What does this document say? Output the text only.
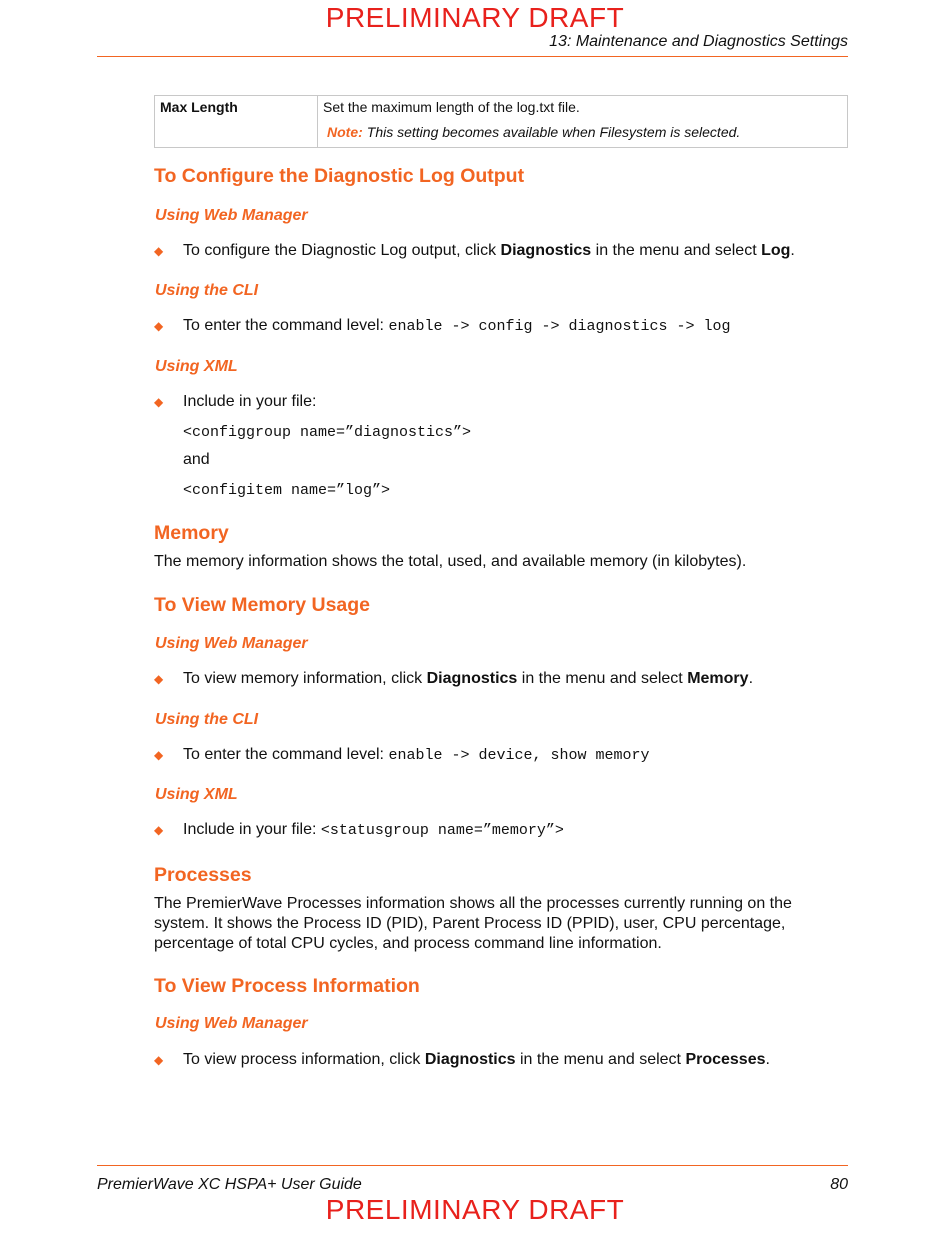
PRELIMINARY DRAFT
13: Maintenance and Diagnostics Settings
Max Length	Set the maximum length of the log.txt file.
Note: This setting becomes available when Filesystem is selected.
To Configure the Diagnostic Log Output
Using Web Manager
◆ To configure the Diagnostic Log output, click Diagnostics in the menu and select Log.
Using the CLI
◆ To enter the command level: enable -> config -> diagnostics -> log
Using XML
◆ Include in your file:
<configgroup name=”diagnostics”>
and
<configitem name=”log”>
Memory
The memory information shows the total, used, and available memory (in kilobytes).
To View Memory Usage
Using Web Manager
◆ To view memory information, click Diagnostics in the menu and select Memory.
Using the CLI
◆ To enter the command level: enable -> device, show memory
Using XML
◆ Include in your file: <statusgroup name=”memory”>
Processes
The PremierWave Processes information shows all the processes currently running on the system. It shows the Process ID (PID), Parent Process ID (PPID), user, CPU percentage, percentage of total CPU cycles, and process command line information.
To View Process Information
Using Web Manager
◆ To view process information, click Diagnostics in the menu and select Processes.
PremierWave XC HSPA+ User Guide	80
PRELIMINARY DRAFT
